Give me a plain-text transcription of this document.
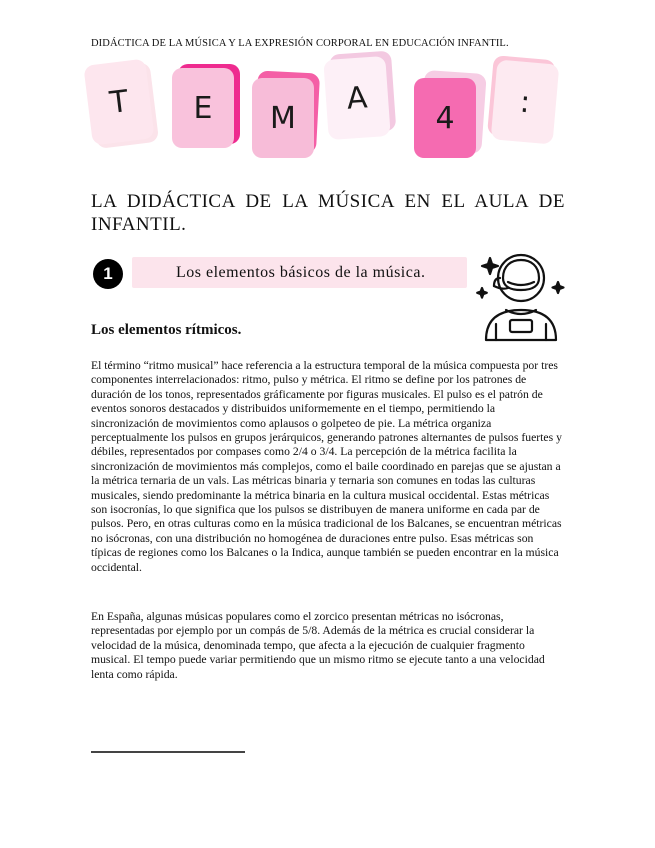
DIDÁCTICA DE LA MÚSICA Y LA EXPRESIÓN CORPORAL EN EDUCACIÓN INFANTIL.
T	E	M
A
4	:
LA DIDÁCTICA DE LA MÚSICA EN EL AULA DE INFANTIL.
1	Los elementos básicos de la música.
Los elementos rítmicos.

El término “ritmo musical” hace referencia a la estructura temporal de la música compuesta por tres componentes interrelacionados: ritmo, pulso y métrica. El ritmo se define por los patrones de duración de los tonos, representados gráficamente por figuras musicales. El pulso es el patrón de eventos sonoros destacados y distribuidos uniformemente en el tiempo, permitiendo la sincronización de movimientos como aplausos o golpeteo de pie. La métrica organiza perceptualmente los pulsos en grupos jerárquicos, generando patrones alternantes de pulsos fuertes y débiles, representados por compases como 2/4 o 3/4. La percepción de la métrica facilita la sincronización de movimientos más complejos, como el baile coordinado en parejas que se ajustan a la métrica ternaria de un vals. Las métricas binaria y ternaria son comunes en todas las culturas musicales, siendo predominante la métrica binaria en la cultura musical occidental. Estas métricas son isocronías, lo que significa que los pulsos se distribuyen de manera uniforme en cada par de pulsos. Pero, en otras culturas como en la música tradicional de los Balcanes, se encuentran métricas no isócronas, con una distribución no homogénea de duraciones entre pulso. Esas métricas son típicas de regiones como los Balcanes o la Indica, aunque también se pueden encontrar en la música occidental.

En España, algunas músicas populares como el zorcico presentan métricas no isócronas, representadas por ejemplo por un compás de 5/8. Además de la métrica es crucial considerar la velocidad de la música, denominada tempo, que afecta a la ejecución de cualquier fragmento musical. El tempo puede variar permitiendo que un mismo ritmo se ejecute tanto a una velocidad lenta como rápida.
